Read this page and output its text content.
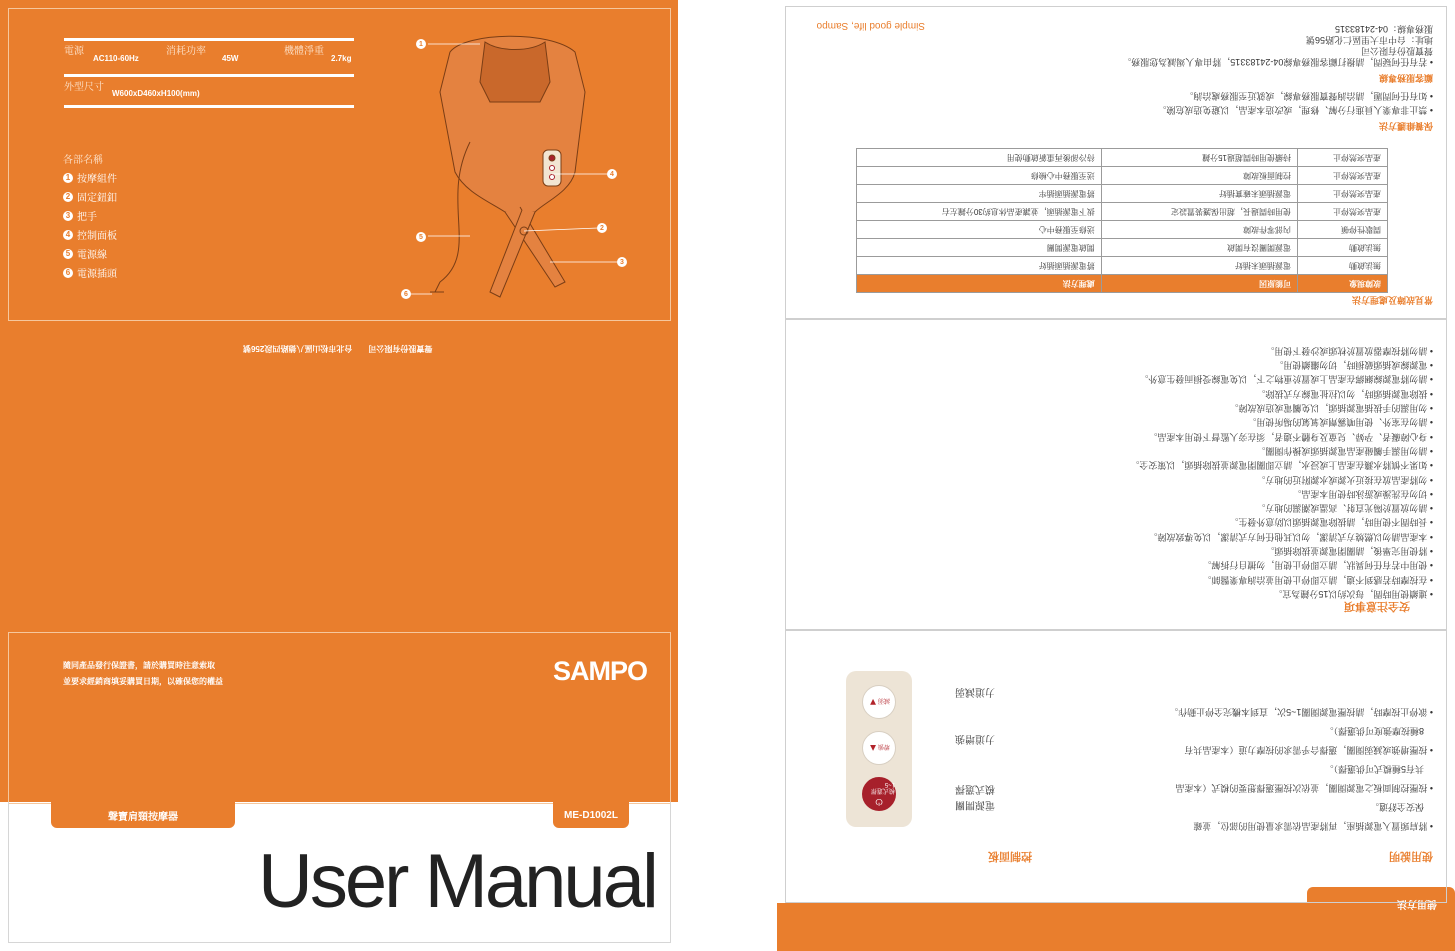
電源	消耗功率	機體淨重
AC110-60Hz	45W	2.7kg
外型尺寸
W600xD460xH100(mm)
各部名稱
1 按摩組件
2 固定鈕釦
3 把手
4 控制面板
5 電源線
6 電源插頭
1
2
3
4
5
6
聲寶股份有限公司　　台北市松山區八德路四段256號
隨同產品發行保證書，請於購買時注意索取
並要求經銷商填妥購買日期，以確保您的權益	SAMPO
聲寶肩頸按摩器	ME-D1002L
User Manual	使用方法
使用說明
控制面板
• 將肩頸置入電源插座，再將產品依需求量使用的部位，並確
　保安全舒適。
• 按壓控制面板之電源開關，並依次按壓選擇想要的模式（本產品
　共有5種模式可供選擇）。
• 按壓增強或減弱開關，選擇合乎需求的按摩力道（本產品共有
　8種按摩強度可供選擇）。
• 欲停止按摩時，請按壓電源開關1~5次，直到本機完全停止動作。
⏻
模式選擇 1~5
增強
▲
減弱
▼
電源開關
模式選擇
力道增強
力道減弱
安全注意事項
• 連續使用時間，每次約以15分鐘為宜。
• 在按摩時若感到不適，請立即停止使用並洽詢專業醫師。
• 使用中若有任何異狀，請立即停止使用，勿擅自行拆解。
• 將使用完畢後，請關閉電源並拔除插頭。
• 本產品請勿以燃燒方式清潔，勿以其他任何方式清潔，以免導致故障。
• 長時間不使用時，請拔除電源插頭以防意外發生。
• 請勿放置於陽光直射、高溫或潮濕的地方。
• 切勿在洗澡或游泳時使用本產品。
• 勿將產品放在接近火源或水源附近的地方。
• 如果不慎將水濺在產品上或浸水，請立即關閉電源並拔除插頭，以策安全。
• 請勿用濕手觸碰產品電源插頭或操作開關。
• 身心障礙者、孕婦、兒童及身體不適者，須在旁人監督下使用本產品。
• 請勿在室外、使用噴霧劑或氧氣的場所使用。
• 勿用濕的手拔插電源插頭，以免觸電或造成故障。
• 拔除電源插頭時，勿以拉扯電線方式拔除。
• 請勿將電源線綑綁在產品上或置於重物之下，以免電線受損而發生意外。
• 電源線或插頭破損時，切勿繼續使用。
• 請勿將按摩器放置於枕頭或沙發下使用。
常見故障及處理方法
故障現象	可能原因	處理方法
無法啟動	電源插頭未插好	將電源插頭插好
無法啟動	電源開關沒有開啟	開啟電源開關
間歇性停頓	內部零件故障	送修至服務中心
產品突然停止	使用時間過長，超出保護裝置設定	拔下電源插頭，並讓產品休息約30分鐘左右
產品突然停止	電源插頭未確實插好	將電源插頭插牢
產品突然停止	控制面板故障	送至服務中心檢修
產品突然停止	持續使用時間超過15分鐘	待冷卻後再重新啟動使用
保養維護方法
• 禁止非專業人員進行分解、修理，或改造本產品，以避免造成危險。
• 如有任何問題，請洽詢聲寶服務專線，或就近至服務處洽詢。
顧客服務專線
• 若有任何疑問，請撥打顧客服務專線04-24183315，將由專人竭誠為您服務。
聲寶股份有限公司
地址：台中市大里區仁化路56號
服務專線：04-24183315
Simple good life, Sampo
